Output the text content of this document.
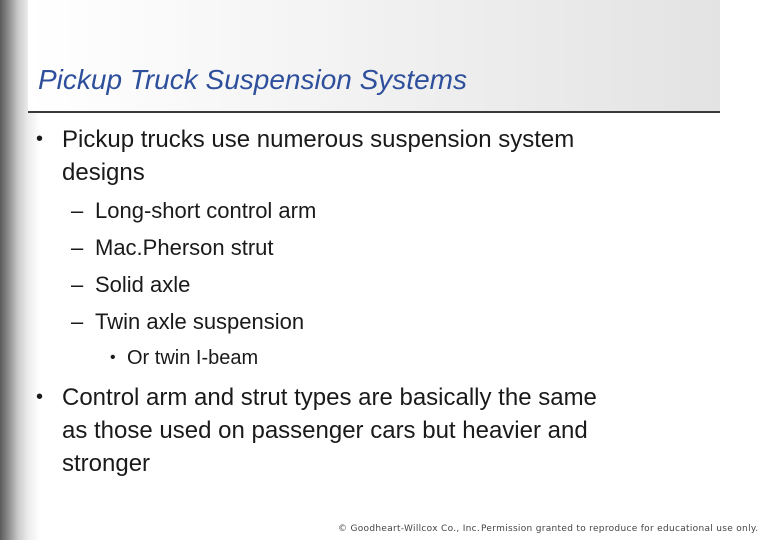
Pickup Truck Suspension Systems
• Pickup trucks use numerous suspension system
designs
– Long-short control arm
– Mac.Pherson strut
– Solid axle
– Twin axle suspension
• Or twin I-beam
• Control arm and strut types are basically the same
as those used on passenger cars but heavier and
stronger
© Goodheart-Willcox Co., Inc. Permission granted to reproduce for educational use only.
